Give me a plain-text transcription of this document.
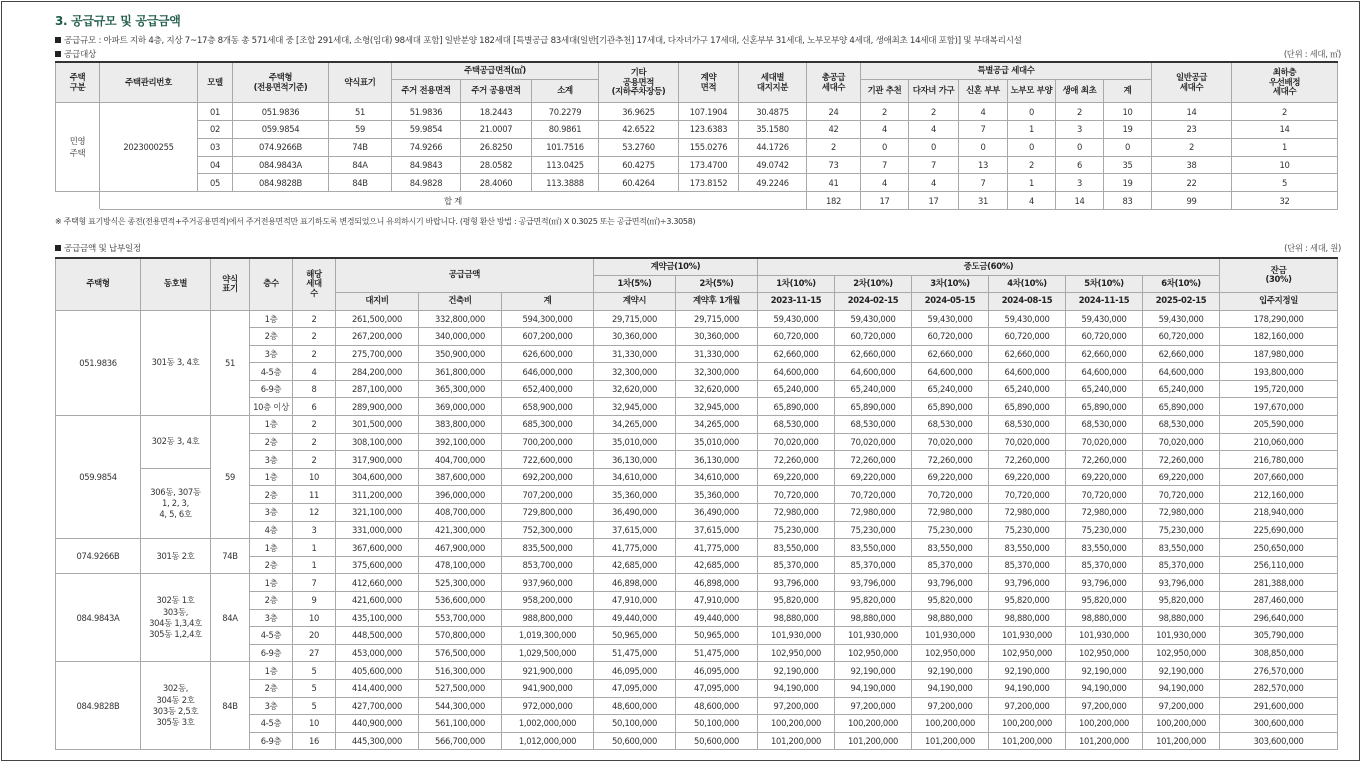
3. 공급규모 및 공급금액
공급규모 : 아파트 지하 4층, 지상 7~17층 8개동 총 571세대 중 [조합 291세대, 소형(임대) 98세대 포함] 일반분양 182세대 [특별공급 83세대(일반[기관추천] 17세대, 다자녀가구 17세대, 신혼부부 31세대, 노부모부양 4세대, 생애최초 14세대 포함)] 및 부대복리시설
공급대상	(단위 : 세대, ㎡)
주택
구분	주택관리번호	모델	주택형
(전용면적기준)	약식표기	주택공급면적(㎡)			기타
공용면적
(지하주차장등)	계약
면적	세대별
대지지분	총공급
세대수	특별공급 세대수						일반공급
세대수	최하층
우선배정
세대수
					주거 전용면적	주거 공용면적	소계					기관 추천	다자녀 가구	신혼 부부	노부모 부양	생애 최초	계		
민영
주택	2023000255	01	051.9836	51	51.9836	18.2443	70.2279	36.9625	107.1904	30.4875	24	2	2	4	0	2	10	14	2
		02	059.9854	59	59.9854	21.0007	80.9861	42.6522	123.6383	35.1580	42	4	4	7	1	3	19	23	14
		03	074.9266B	74B	74.9266	26.8250	101.7516	53.2760	155.0276	44.1726	2	0	0	0	0	0	0	2	1
		04	084.9843A	84A	84.9843	28.0582	113.0425	60.4275	173.4700	49.0742	73	7	7	13	2	6	35	38	10
		05	084.9828B	84B	84.9828	28.4060	113.3888	60.4264	173.8152	49.2246	41	4	4	7	1	3	19	22	5
	합 계										182	17	17	31	4	14	83	99	32
※ 주택형 표기방식은 종전(전용면적+주거공용면적)에서 주거전용면적만 표기하도록 변경되었으니 유의하시기 바랍니다. (평형 환산 방법 : 공급면적(㎡) X 0.3025 또는 공급면적(㎡)÷3.3058)
공급금액 및 납부일정	(단위 : 세대, 원)
주택형	동호별	약식
표기	층수	해당
세대
수	공급금액			계약금(10%)		중도금(60%)						잔금
(30%)
								1차(5%)	2차(5%)	1차(10%)	2차(10%)	3차(10%)	4차(10%)	5차(10%)	6차(10%)	
					대지비	건축비	계	계약시	계약후 1개월	2023-11-15	2024-02-15	2024-05-15	2024-08-15	2024-11-15	2025-02-15	입주지정일
051.9836	301동 3, 4호	51	1층	2	261,500,000	332,800,000	594,300,000	29,715,000	29,715,000	59,430,000	59,430,000	59,430,000	59,430,000	59,430,000	59,430,000	178,290,000
			2층	2	267,200,000	340,000,000	607,200,000	30,360,000	30,360,000	60,720,000	60,720,000	60,720,000	60,720,000	60,720,000	60,720,000	182,160,000
			3층	2	275,700,000	350,900,000	626,600,000	31,330,000	31,330,000	62,660,000	62,660,000	62,660,000	62,660,000	62,660,000	62,660,000	187,980,000
			4-5층	4	284,200,000	361,800,000	646,000,000	32,300,000	32,300,000	64,600,000	64,600,000	64,600,000	64,600,000	64,600,000	64,600,000	193,800,000
			6-9층	8	287,100,000	365,300,000	652,400,000	32,620,000	32,620,000	65,240,000	65,240,000	65,240,000	65,240,000	65,240,000	65,240,000	195,720,000
			10층 이상	6	289,900,000	369,000,000	658,900,000	32,945,000	32,945,000	65,890,000	65,890,000	65,890,000	65,890,000	65,890,000	65,890,000	197,670,000
059.9854	302동 3, 4호	59	1층	2	301,500,000	383,800,000	685,300,000	34,265,000	34,265,000	68,530,000	68,530,000	68,530,000	68,530,000	68,530,000	68,530,000	205,590,000
			2층	2	308,100,000	392,100,000	700,200,000	35,010,000	35,010,000	70,020,000	70,020,000	70,020,000	70,020,000	70,020,000	70,020,000	210,060,000
			3층	2	317,900,000	404,700,000	722,600,000	36,130,000	36,130,000	72,260,000	72,260,000	72,260,000	72,260,000	72,260,000	72,260,000	216,780,000
	306동, 307동
1, 2, 3,
4, 5, 6호		1층	10	304,600,000	387,600,000	692,200,000	34,610,000	34,610,000	69,220,000	69,220,000	69,220,000	69,220,000	69,220,000	69,220,000	207,660,000
			2층	11	311,200,000	396,000,000	707,200,000	35,360,000	35,360,000	70,720,000	70,720,000	70,720,000	70,720,000	70,720,000	70,720,000	212,160,000
			3층	12	321,100,000	408,700,000	729,800,000	36,490,000	36,490,000	72,980,000	72,980,000	72,980,000	72,980,000	72,980,000	72,980,000	218,940,000
			4층	3	331,000,000	421,300,000	752,300,000	37,615,000	37,615,000	75,230,000	75,230,000	75,230,000	75,230,000	75,230,000	75,230,000	225,690,000
074.9266B	301동 2호	74B	1층	1	367,600,000	467,900,000	835,500,000	41,775,000	41,775,000	83,550,000	83,550,000	83,550,000	83,550,000	83,550,000	83,550,000	250,650,000
			2층	1	375,600,000	478,100,000	853,700,000	42,685,000	42,685,000	85,370,000	85,370,000	85,370,000	85,370,000	85,370,000	85,370,000	256,110,000
084.9843A	302동 1호
303동,
304동 1,3,4호
305동 1,2,4호	84A	1층	7	412,660,000	525,300,000	937,960,000	46,898,000	46,898,000	93,796,000	93,796,000	93,796,000	93,796,000	93,796,000	93,796,000	281,388,000
			2층	9	421,600,000	536,600,000	958,200,000	47,910,000	47,910,000	95,820,000	95,820,000	95,820,000	95,820,000	95,820,000	95,820,000	287,460,000
			3층	10	435,100,000	553,700,000	988,800,000	49,440,000	49,440,000	98,880,000	98,880,000	98,880,000	98,880,000	98,880,000	98,880,000	296,640,000
			4-5층	20	448,500,000	570,800,000	1,019,300,000	50,965,000	50,965,000	101,930,000	101,930,000	101,930,000	101,930,000	101,930,000	101,930,000	305,790,000
			6-9층	27	453,000,000	576,500,000	1,029,500,000	51,475,000	51,475,000	102,950,000	102,950,000	102,950,000	102,950,000	102,950,000	102,950,000	308,850,000
084.9828B	302동,
304동 2호
303동 2,5호
305동 3호	84B	1층	5	405,600,000	516,300,000	921,900,000	46,095,000	46,095,000	92,190,000	92,190,000	92,190,000	92,190,000	92,190,000	92,190,000	276,570,000
			2층	5	414,400,000	527,500,000	941,900,000	47,095,000	47,095,000	94,190,000	94,190,000	94,190,000	94,190,000	94,190,000	94,190,000	282,570,000
			3층	5	427,700,000	544,300,000	972,000,000	48,600,000	48,600,000	97,200,000	97,200,000	97,200,000	97,200,000	97,200,000	97,200,000	291,600,000
			4-5층	10	440,900,000	561,100,000	1,002,000,000	50,100,000	50,100,000	100,200,000	100,200,000	100,200,000	100,200,000	100,200,000	100,200,000	300,600,000
			6-9층	16	445,300,000	566,700,000	1,012,000,000	50,600,000	50,600,000	101,200,000	101,200,000	101,200,000	101,200,000	101,200,000	101,200,000	303,600,000
